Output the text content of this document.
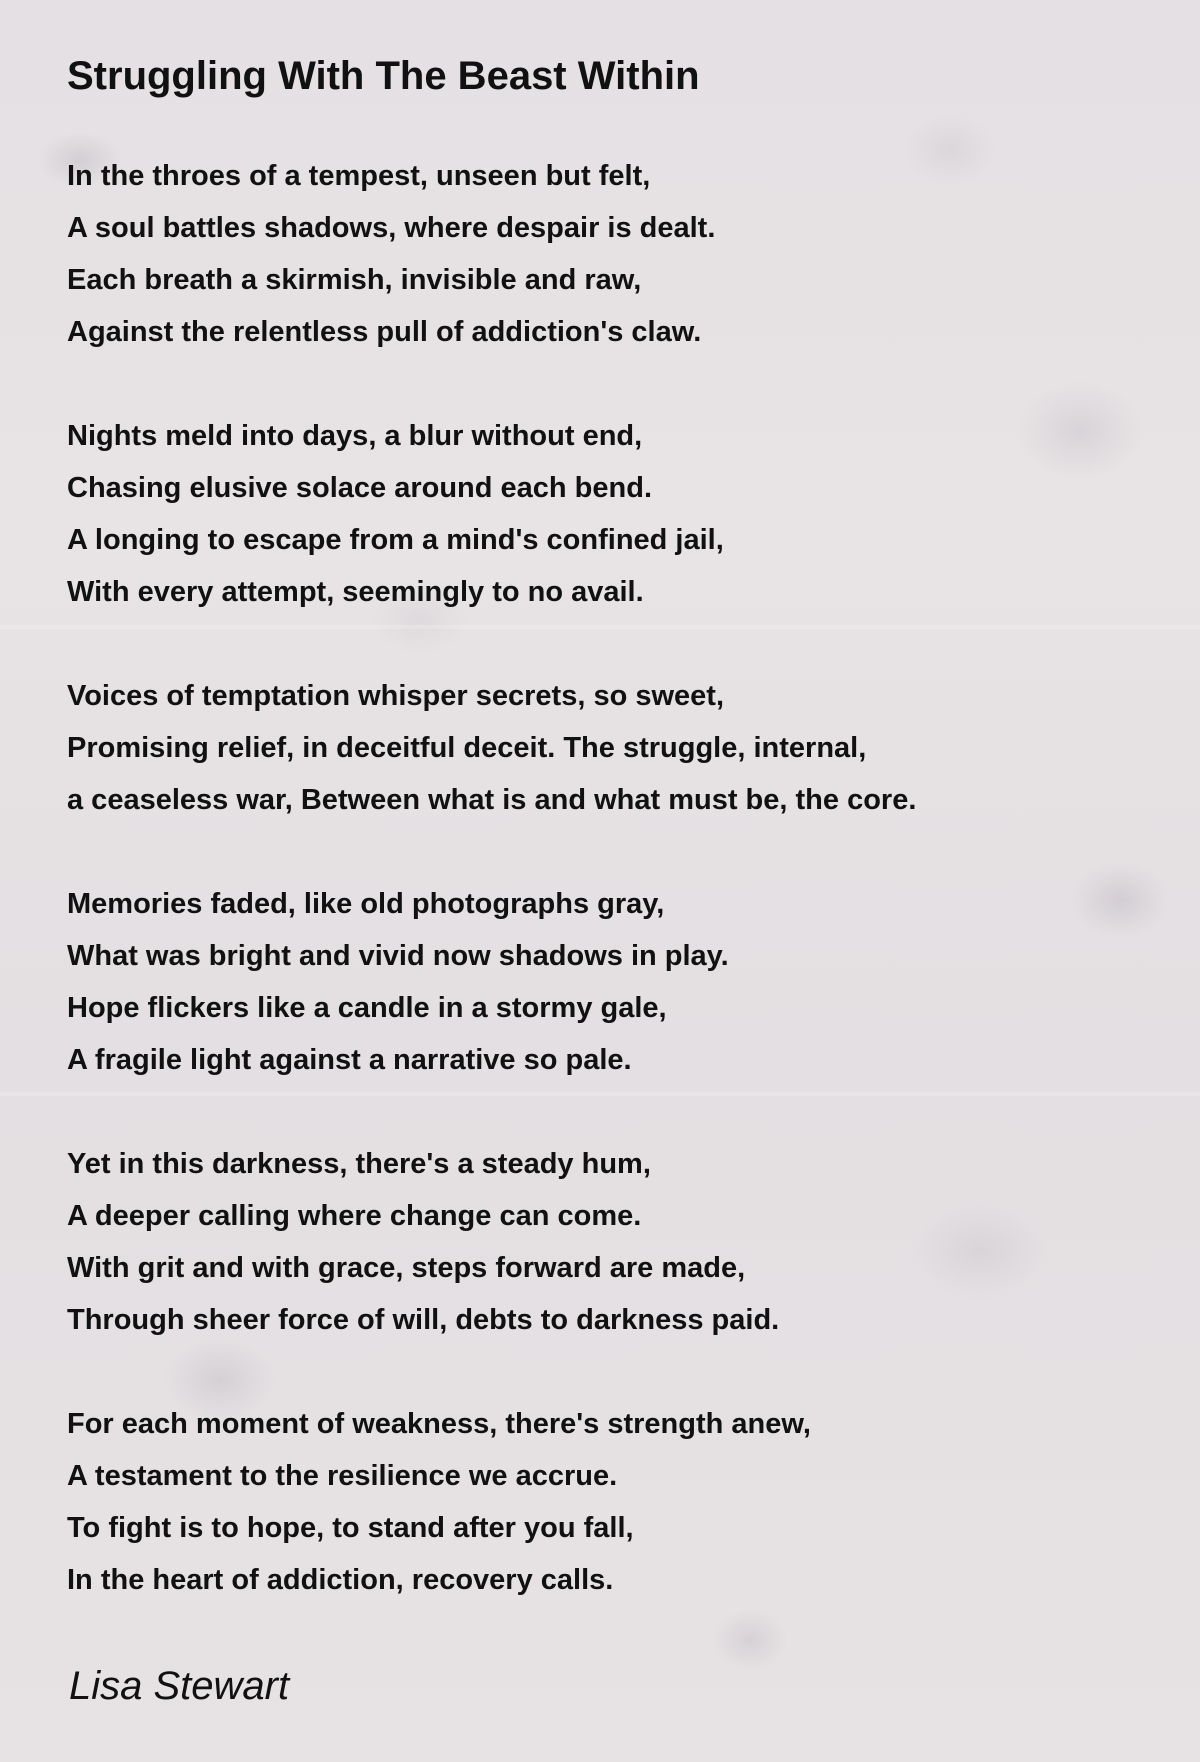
Struggling With The Beast Within
In the throes of a tempest, unseen but felt,
A soul battles shadows, where despair is dealt.
Each breath a skirmish, invisible and raw,
Against the relentless pull of addiction's claw.
Nights meld into days, a blur without end,
Chasing elusive solace around each bend.
A longing to escape from a mind's confined jail,
With every attempt, seemingly to no avail.
Voices of temptation whisper secrets, so sweet,
Promising relief, in deceitful deceit. The struggle, internal,
a ceaseless war, Between what is and what must be, the core.
Memories faded, like old photographs gray,
What was bright and vivid now shadows in play.
Hope flickers like a candle in a stormy gale,
A fragile light against a narrative so pale.
Yet in this darkness, there's a steady hum,
A deeper calling where change can come.
With grit and with grace, steps forward are made,
Through sheer force of will, debts to darkness paid.
For each moment of weakness, there's strength anew,
A testament to the resilience we accrue.
To fight is to hope, to stand after you fall,
In the heart of addiction, recovery calls.
Lisa Stewart
